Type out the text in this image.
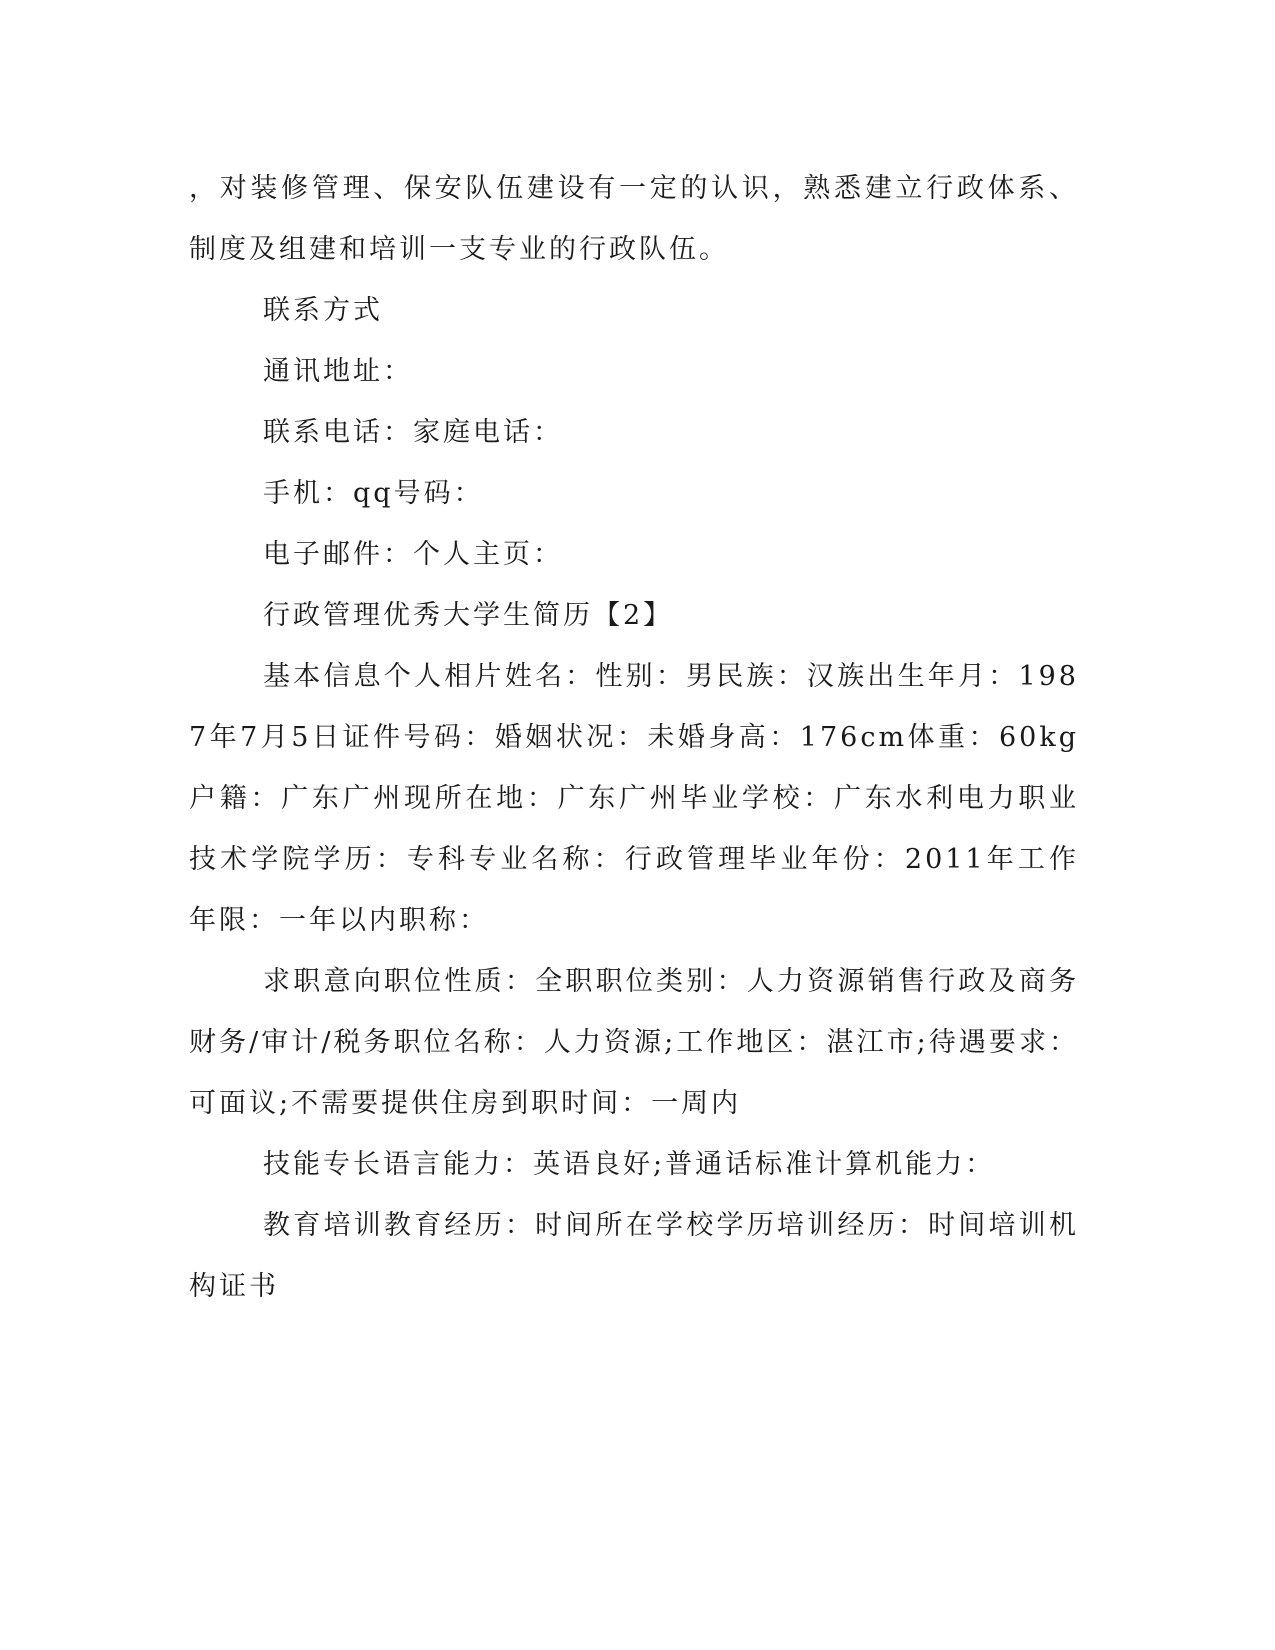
，对装修管理、保安队伍建设有一定的认识，熟悉建立行政体系、制度及组建和培训一支专业的行政队伍。

联系方式

通讯地址：

联系电话：家庭电话：

手机：qq号码：

电子邮件：个人主页：

行政管理优秀大学生简历【2】

基本信息个人相片姓名：性别：男民族：汉族出生年月：1987年7月5日证件号码：婚姻状况：未婚身高：176cm体重：60kg户籍：广东广州现所在地：广东广州毕业学校：广东水利电力职业技术学院学历：专科专业名称：行政管理毕业年份：2011年工作年限：一年以内职称：

求职意向职位性质：全职职位类别：人力资源销售行政及商务财务/审计/税务职位名称：人力资源;工作地区：湛江市;待遇要求：可面议;不需要提供住房到职时间：一周内

技能专长语言能力：英语良好;普通话标准计算机能力：

教育培训教育经历：时间所在学校学历培训经历：时间培训机构证书
